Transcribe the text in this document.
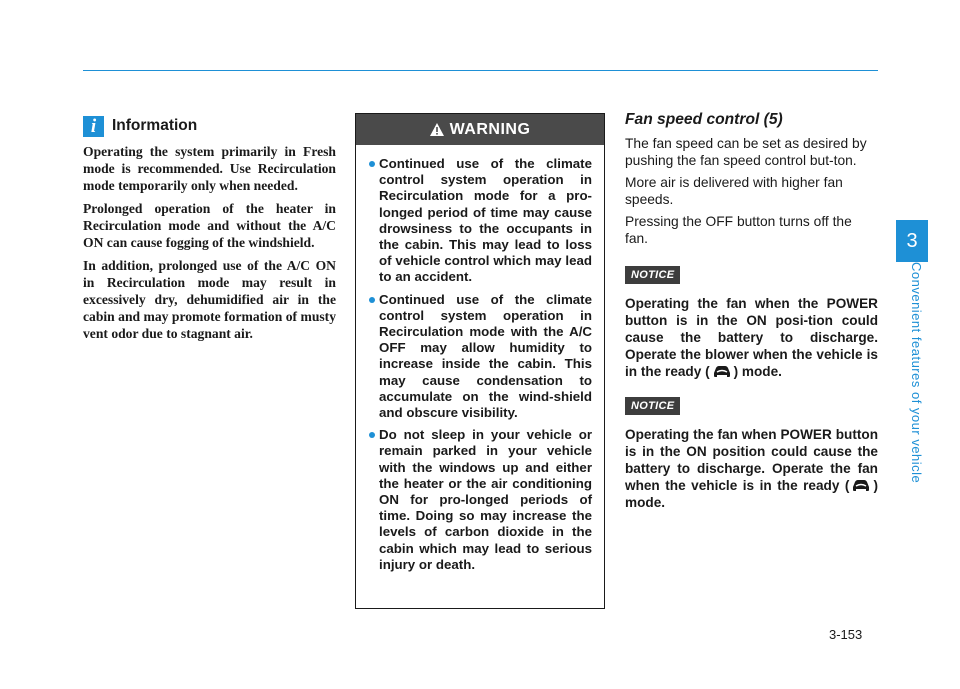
i	Information

Operating the system primarily in Fresh mode is recommended. Use Recirculation mode temporarily only when needed.

Prolonged operation of the heater in Recirculation mode and without the A/C ON can cause fogging of the windshield.

In addition, prolonged use of the A/C ON in Recirculation mode may result in excessively dry, dehumidified air in the cabin and may promote formation of musty vent odor due to stagnant air.

WARNING
Continued use of the climate control system operation in Recirculation mode for a pro-longed period of time may cause drowsiness to the occupants in the cabin. This may lead to loss of vehicle control which may lead to an accident.
Continued use of the climate control system operation in Recirculation mode with the A/C OFF may allow humidity to increase inside the cabin. This may cause condensation to accumulate on the wind-shield and obscure visibility.
Do not sleep in your vehicle or remain parked in your vehicle with the windows up and either the heater or the air conditioning ON for pro-longed periods of time. Doing so may increase the levels of carbon dioxide in the cabin which may lead to serious injury or death.
Fan speed control (5)

The fan speed can be set as desired by pushing the fan speed control but-ton.

More air is delivered with higher fan speeds.

Pressing the OFF button turns off the fan.

NOTICE

Operating the fan when the POWER button is in the ON posi-tion could cause the battery to discharge. Operate the blower when the vehicle is in the ready ( ) mode.

NOTICE

Operating the fan when POWER button is in the ON position could cause the battery to discharge. Operate the fan when the vehicle is in the ready ( ) mode.

3
Convenient features of your vehicle
3-153
